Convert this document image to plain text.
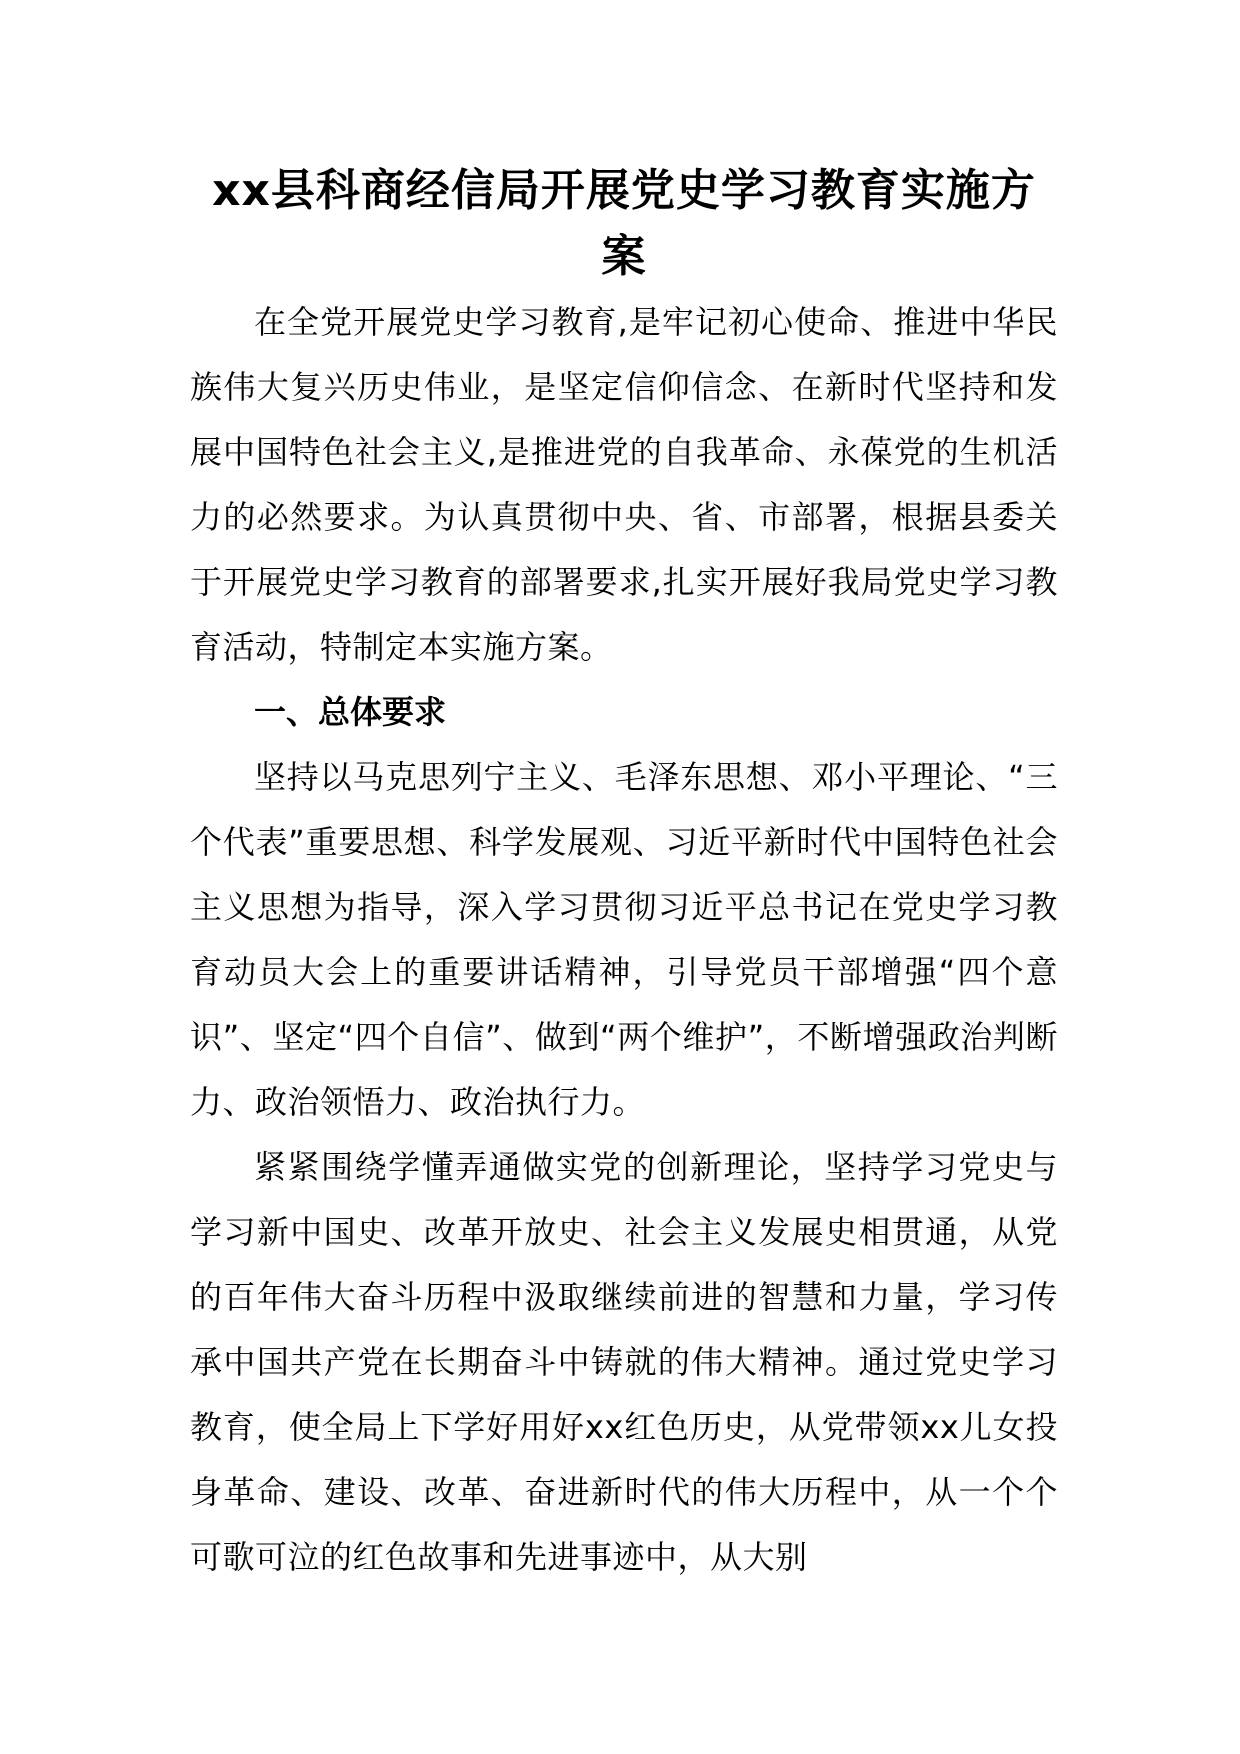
xx县科商经信局开展党史学习教育实施方案

在全党开展党史学习教育,是牢记初心使命、推进中华民族伟大复兴历史伟业，是坚定信仰信念、在新时代坚持和发展中国特色社会主义,是推进党的自我革命、永葆党的生机活力的必然要求。为认真贯彻中央、省、市部署，根据县委关于开展党史学习教育的部署要求,扎实开展好我局党史学习教育活动，特制定本实施方案。

一、总体要求

坚持以马克思列宁主义、毛泽东思想、邓小平理论、“三个代表”重要思想、科学发展观、习近平新时代中国特色社会主义思想为指导，深入学习贯彻习近平总书记在党史学习教育动员大会上的重要讲话精神，引导党员干部增强“四个意识”、坚定“四个自信”、做到“两个维护”，不断增强政治判断力、政治领悟力、政治执行力。

紧紧围绕学懂弄通做实党的创新理论，坚持学习党史与学习新中国史、改革开放史、社会主义发展史相贯通，从党的百年伟大奋斗历程中汲取继续前进的智慧和力量，学习传承中国共产党在长期奋斗中铸就的伟大精神。通过党史学习教育，使全局上下学好用好xx红色历史，从党带领xx儿女投身革命、建设、改革、奋进新时代的伟大历程中，从一个个可歌可泣的红色故事和先进事迹中，从大别
